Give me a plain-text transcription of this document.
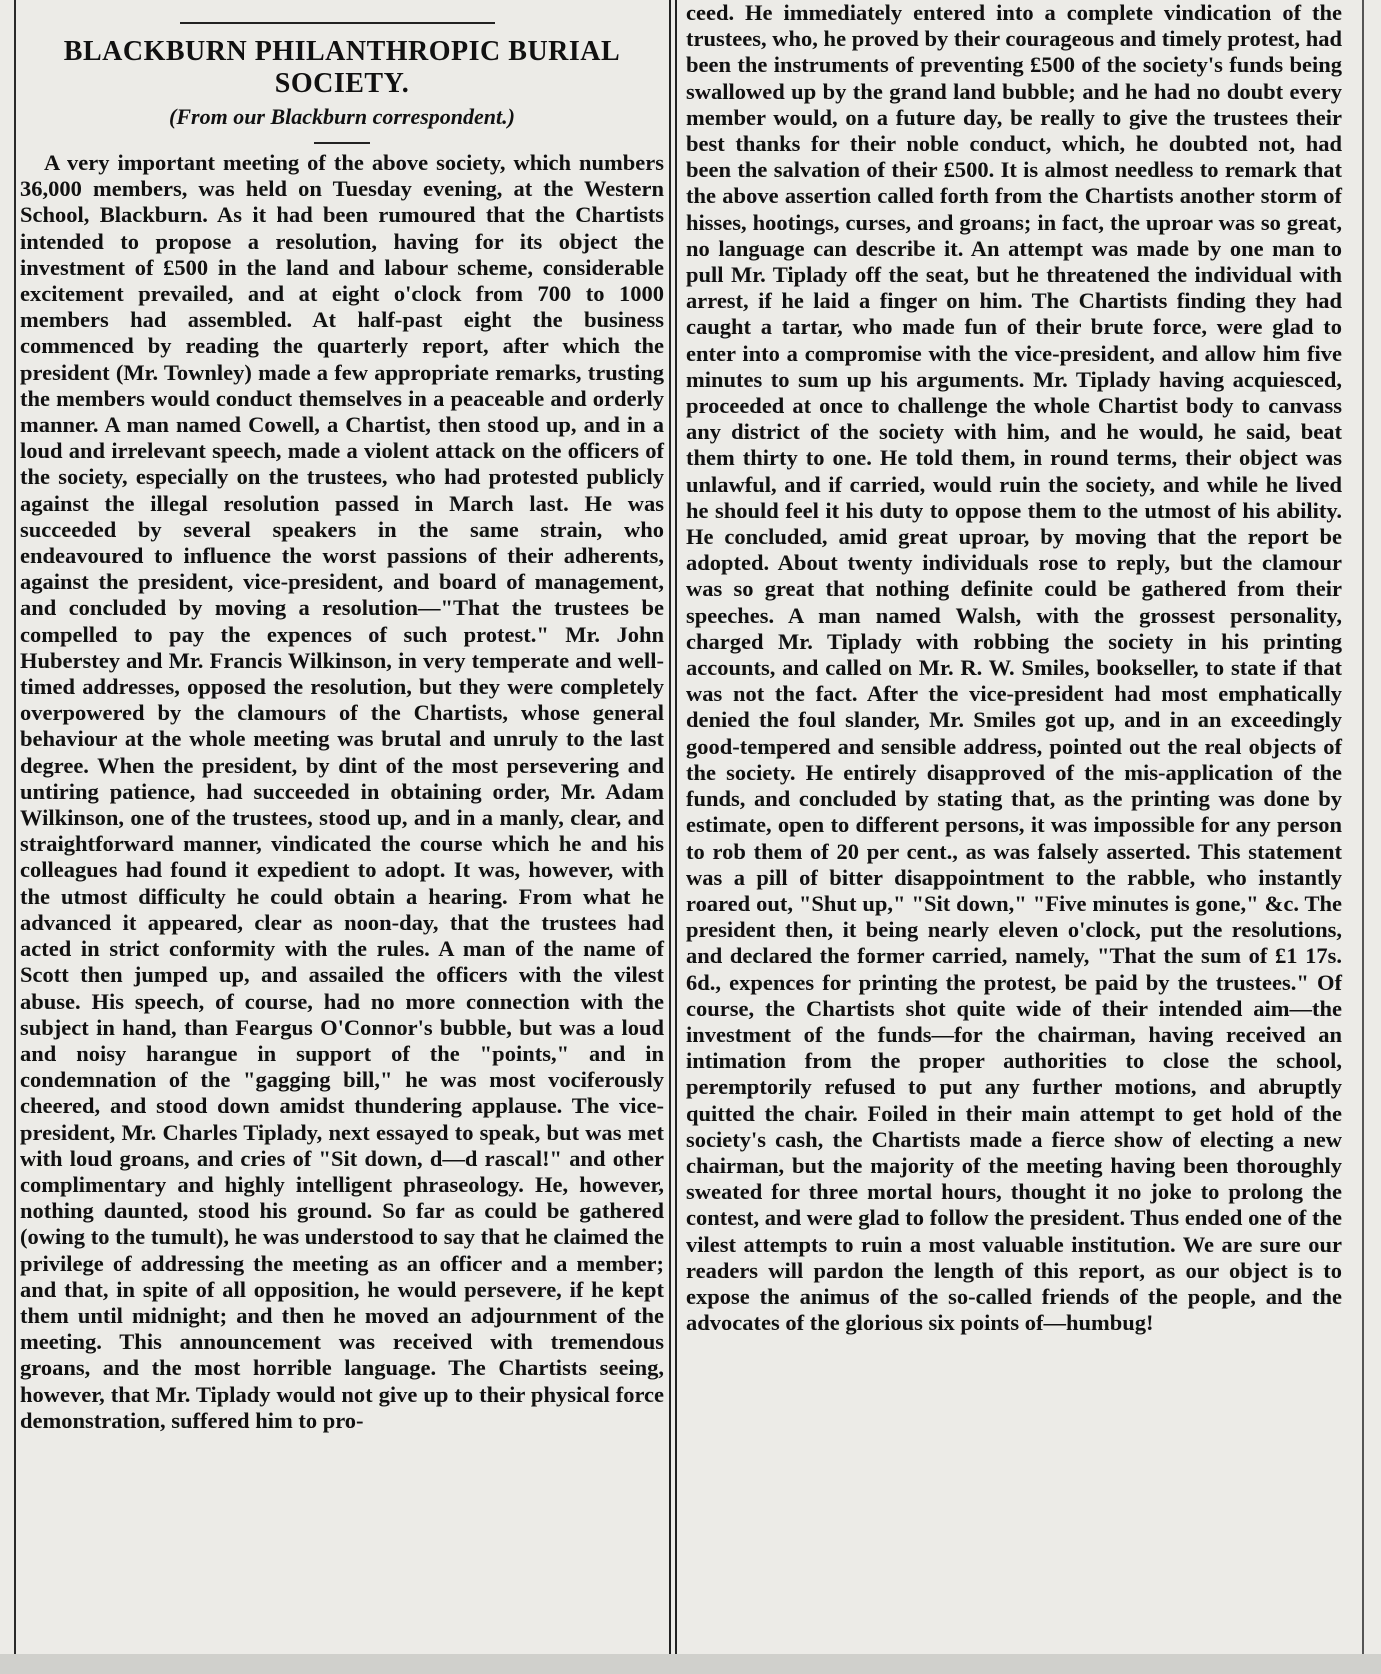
BLACKBURN PHILANTHROPIC BURIAL SOCIETY.

(From our Blackburn correspondent.)

A very important meeting of the above society, which numbers 36,000 members, was held on Tuesday evening, at the Western School, Blackburn. As it had been rumoured that the Chartists intended to propose a resolution, having for its object the investment of £500 in the land and labour scheme, considerable excitement prevailed, and at eight o'clock from 700 to 1000 members had assembled. At half-past eight the business commenced by reading the quarterly report, after which the president (Mr. Townley) made a few appropriate remarks, trusting the members would conduct themselves in a peaceable and orderly manner. A man named Cowell, a Chartist, then stood up, and in a loud and irrelevant speech, made a violent attack on the officers of the society, especially on the trustees, who had protested publicly against the illegal resolution passed in March last. He was succeeded by several speakers in the same strain, who endeavoured to influence the worst passions of their adherents, against the president, vice-president, and board of management, and concluded by moving a resolution—"That the trustees be compelled to pay the expences of such protest." Mr. John Huberstey and Mr. Francis Wilkinson, in very temperate and well-timed addresses, opposed the resolution, but they were completely overpowered by the clamours of the Chartists, whose general behaviour at the whole meeting was brutal and unruly to the last degree. When the president, by dint of the most persevering and untiring patience, had succeeded in obtaining order, Mr. Adam Wilkinson, one of the trustees, stood up, and in a manly, clear, and straightforward manner, vindicated the course which he and his colleagues had found it expedient to adopt. It was, however, with the utmost difficulty he could obtain a hearing. From what he advanced it appeared, clear as noon-day, that the trustees had acted in strict conformity with the rules. A man of the name of Scott then jumped up, and assailed the officers with the vilest abuse. His speech, of course, had no more connection with the subject in hand, than Feargus O'Connor's bubble, but was a loud and noisy harangue in support of the "points," and in condemnation of the "gagging bill," he was most vociferously cheered, and stood down amidst thundering applause. The vice-president, Mr. Charles Tiplady, next essayed to speak, but was met with loud groans, and cries of "Sit down, d—d rascal!" and other complimentary and highly intelligent phraseology. He, however, nothing daunted, stood his ground. So far as could be gathered (owing to the tumult), he was understood to say that he claimed the privilege of addressing the meeting as an officer and a member; and that, in spite of all opposition, he would persevere, if he kept them until midnight; and then he moved an adjournment of the meeting. This announcement was received with tremendous groans, and the most horrible language. The Chartists seeing, however, that Mr. Tiplady would not give up to their physical force demonstration, suffered him to pro-

ceed. He immediately entered into a complete vindication of the trustees, who, he proved by their courageous and timely protest, had been the instruments of preventing £500 of the society's funds being swallowed up by the grand land bubble; and he had no doubt every member would, on a future day, be really to give the trustees their best thanks for their noble conduct, which, he doubted not, had been the salvation of their £500. It is almost needless to remark that the above assertion called forth from the Chartists another storm of hisses, hootings, curses, and groans; in fact, the uproar was so great, no language can describe it. An attempt was made by one man to pull Mr. Tiplady off the seat, but he threatened the individual with arrest, if he laid a finger on him. The Chartists finding they had caught a tartar, who made fun of their brute force, were glad to enter into a compromise with the vice-president, and allow him five minutes to sum up his arguments. Mr. Tiplady having acquiesced, proceeded at once to challenge the whole Chartist body to canvass any district of the society with him, and he would, he said, beat them thirty to one. He told them, in round terms, their object was unlawful, and if carried, would ruin the society, and while he lived he should feel it his duty to oppose them to the utmost of his ability. He concluded, amid great uproar, by moving that the report be adopted. About twenty individuals rose to reply, but the clamour was so great that nothing definite could be gathered from their speeches. A man named Walsh, with the grossest personality, charged Mr. Tiplady with robbing the society in his printing accounts, and called on Mr. R. W. Smiles, bookseller, to state if that was not the fact. After the vice-president had most emphatically denied the foul slander, Mr. Smiles got up, and in an exceedingly good-tempered and sensible address, pointed out the real objects of the society. He entirely disapproved of the mis-application of the funds, and concluded by stating that, as the printing was done by estimate, open to different persons, it was impossible for any person to rob them of 20 per cent., as was falsely asserted. This statement was a pill of bitter disappointment to the rabble, who instantly roared out, "Shut up," "Sit down," "Five minutes is gone," &c. The president then, it being nearly eleven o'clock, put the resolutions, and declared the former carried, namely, "That the sum of £1 17s. 6d., expences for printing the protest, be paid by the trustees." Of course, the Chartists shot quite wide of their intended aim—the investment of the funds—for the chairman, having received an intimation from the proper authorities to close the school, peremptorily refused to put any further motions, and abruptly quitted the chair. Foiled in their main attempt to get hold of the society's cash, the Chartists made a fierce show of electing a new chairman, but the majority of the meeting having been thoroughly sweated for three mortal hours, thought it no joke to prolong the contest, and were glad to follow the president. Thus ended one of the vilest attempts to ruin a most valuable institution. We are sure our readers will pardon the length of this report, as our object is to expose the animus of the so-called friends of the people, and the advocates of the glorious six points of—humbug!
